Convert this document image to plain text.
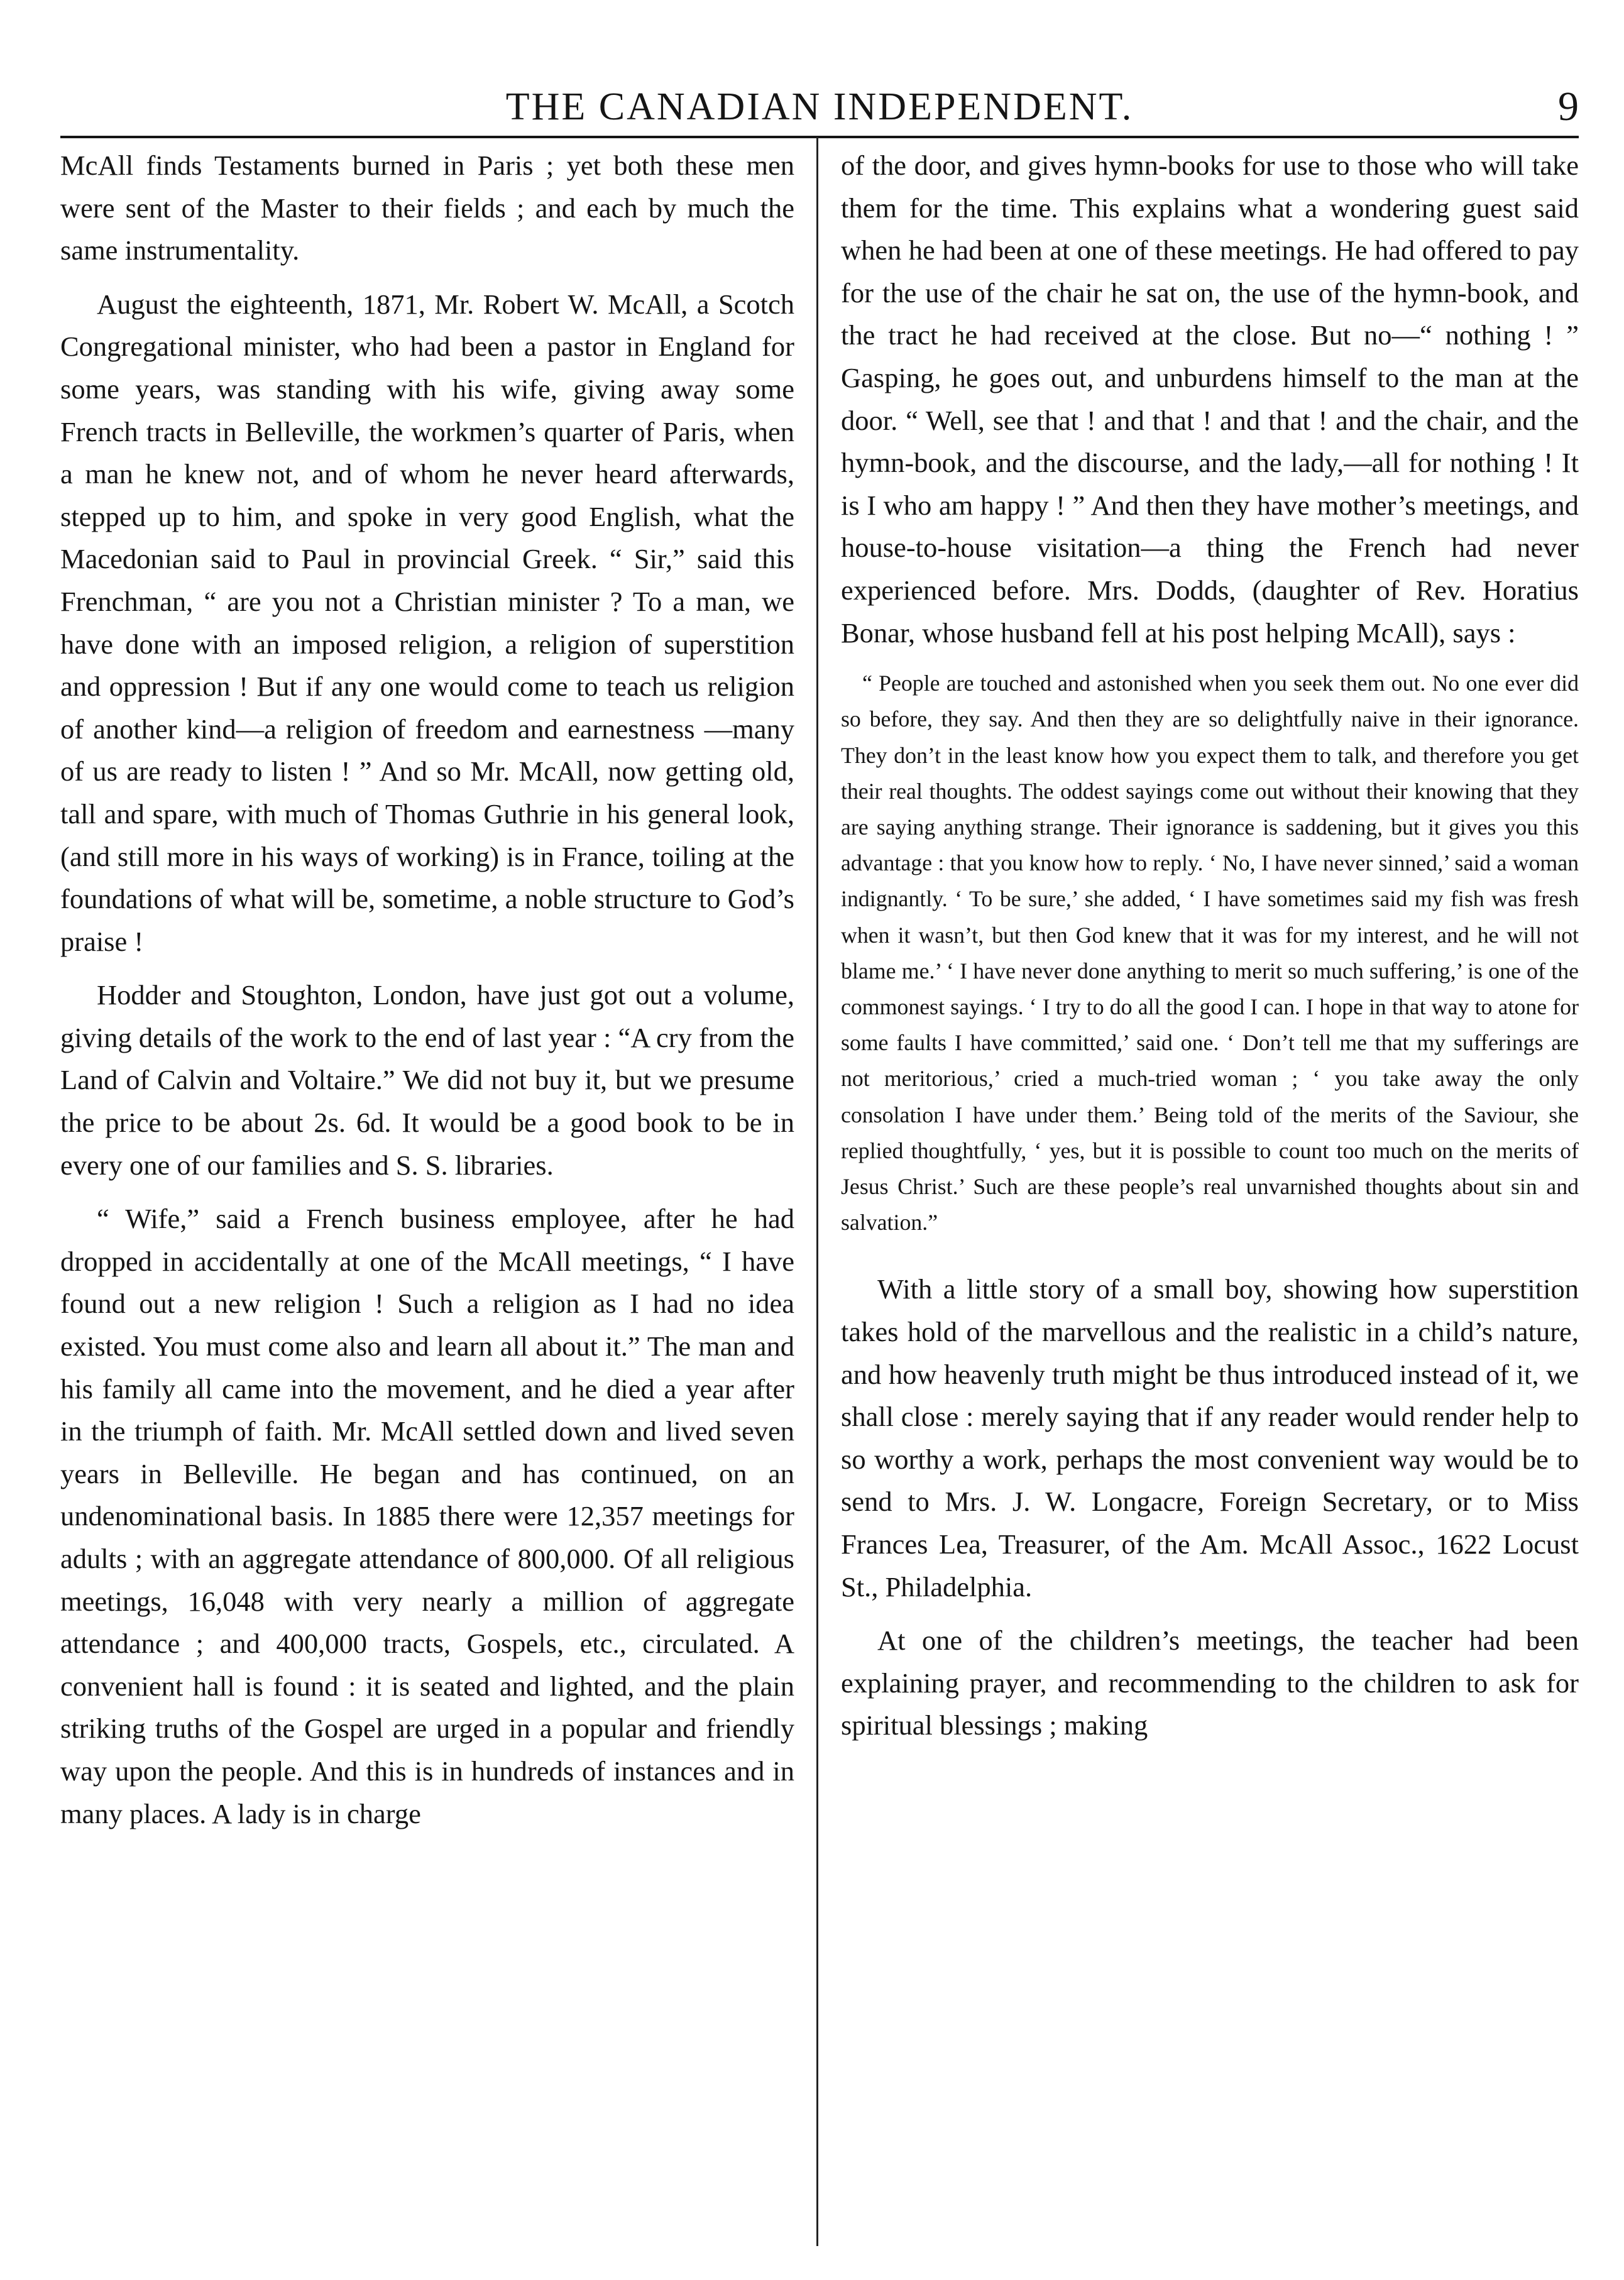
THE CANADIAN INDEPENDENT.	9

McAll finds Testaments burned in Paris ; yet both these men were sent of the Master to their fields ; and each by much the same instrumentality.

August the eighteenth, 1871, Mr. Robert W. McAll, a Scotch Congregational minister, who had been a pastor in England for some years, was standing with his wife, giving away some French tracts in Belleville, the workmen’s quarter of Paris, when a man he knew not, and of whom he never heard afterwards, stepped up to him, and spoke in very good English, what the Macedonian said to Paul in provincial Greek. “ Sir,” said this Frenchman, “ are you not a Christian minister ? To a man, we have done with an imposed religion, a religion of superstition and oppression ! But if any one would come to teach us religion of another kind—a religion of freedom and earnestness —many of us are ready to listen ! ” And so Mr. McAll, now getting old, tall and spare, with much of Thomas Guthrie in his general look, (and still more in his ways of working) is in France, toiling at the foundations of what will be, sometime, a noble structure to God’s praise !

Hodder and Stoughton, London, have just got out a volume, giving details of the work to the end of last year : “A cry from the Land of Calvin and Voltaire.” We did not buy it, but we presume the price to be about 2s. 6d. It would be a good book to be in every one of our families and S. S. libraries.

“ Wife,” said a French business employee, after he had dropped in accidentally at one of the McAll meetings, “ I have found out a new religion ! Such a religion as I had no idea existed. You must come also and learn all about it.” The man and his family all came into the movement, and he died a year after in the triumph of faith. Mr. McAll settled down and lived seven years in Belleville. He began and has continued, on an undenominational basis. In 1885 there were 12,357 meetings for adults ; with an aggregate attendance of 800,000. Of all religious meetings, 16,048 with very nearly a million of aggregate attendance ; and 400,000 tracts, Gospels, etc., circulated. A convenient hall is found : it is seated and lighted, and the plain striking truths of the Gospel are urged in a popular and friendly way upon the people. And this is in hundreds of instances and in many places. A lady is in charge

of the door, and gives hymn-books for use to those who will take them for the time. This explains what a wondering guest said when he had been at one of these meetings. He had offered to pay for the use of the chair he sat on, the use of the hymn-book, and the tract he had received at the close. But no—“ nothing ! ” Gasping, he goes out, and unburdens himself to the man at the door. “ Well, see that ! and that ! and that ! and the chair, and the hymn-book, and the discourse, and the lady,—all for nothing ! It is I who am happy ! ” And then they have mother’s meetings, and house-to-house visitation—a thing the French had never experienced before. Mrs. Dodds, (daughter of Rev. Horatius Bonar, whose husband fell at his post helping McAll), says :

“ People are touched and astonished when you seek them out. No one ever did so before, they say. And then they are so delightfully naive in their ignorance. They don’t in the least know how you expect them to talk, and therefore you get their real thoughts. The oddest sayings come out without their knowing that they are saying anything strange. Their ignorance is saddening, but it gives you this advantage : that you know how to reply. ‘ No, I have never sinned,’ said a woman indignantly. ‘ To be sure,’ she added, ‘ I have sometimes said my fish was fresh when it wasn’t, but then God knew that it was for my interest, and he will not blame me.’ ‘ I have never done anything to merit so much suffering,’ is one of the commonest sayings. ‘ I try to do all the good I can. I hope in that way to atone for some faults I have committed,’ said one. ‘ Don’t tell me that my sufferings are not meritorious,’ cried a much-tried woman ; ‘ you take away the only consolation I have under them.’ Being told of the merits of the Saviour, she replied thoughtfully, ‘ yes, but it is possible to count too much on the merits of Jesus Christ.’ Such are these people’s real unvarnished thoughts about sin and salvation.”

With a little story of a small boy, showing how superstition takes hold of the marvellous and the realistic in a child’s nature, and how heavenly truth might be thus introduced instead of it, we shall close : merely saying that if any reader would render help to so worthy a work, perhaps the most convenient way would be to send to Mrs. J. W. Longacre, Foreign Secretary, or to Miss Frances Lea, Treasurer, of the Am. McAll Assoc., 1622 Locust St., Philadelphia.

At one of the children’s meetings, the teacher had been explaining prayer, and recommending to the children to ask for spiritual blessings ; making
